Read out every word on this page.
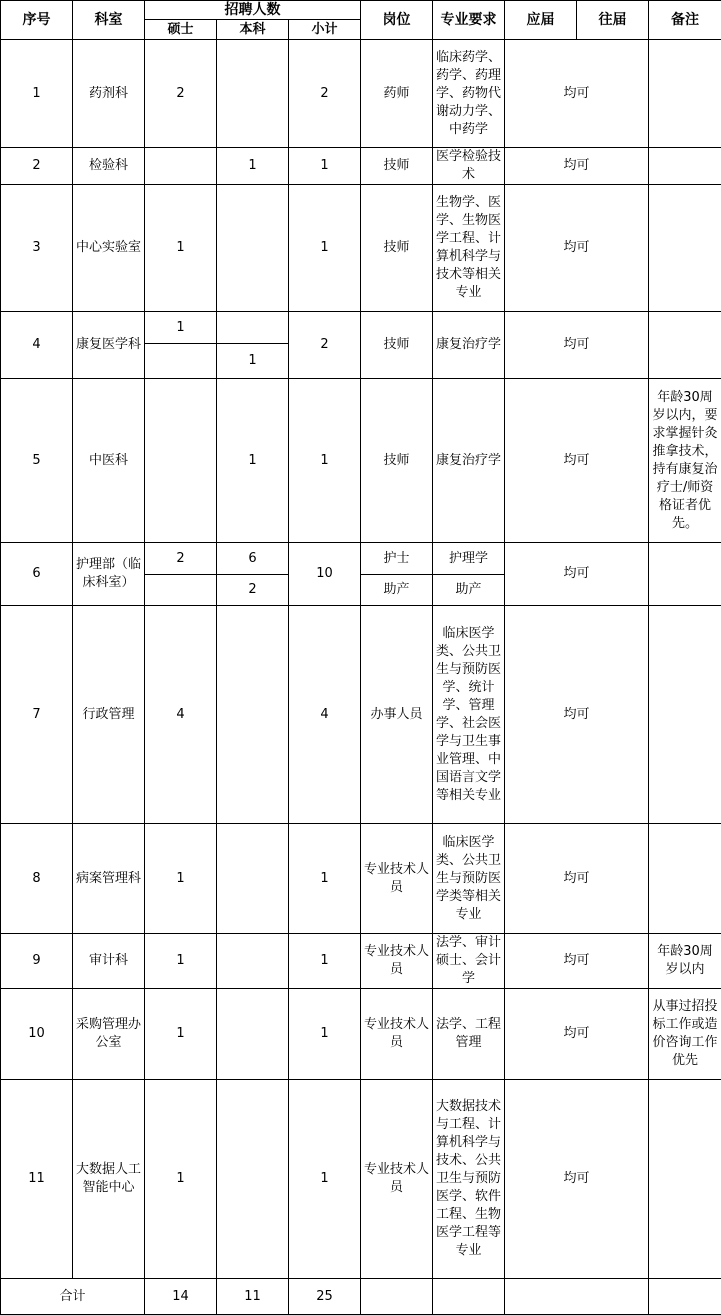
序号	科室	招聘人数			岗位	专业要求	应届	往届	备注
		硕士	本科	小计					
1	药剂科	2		2	药师	临床药学、药学、药理学、药物代谢动力学、中药学	均可		
2	检验科		1	1	技师	医学检验技术	均可		
3	中心实验室	1		1	技师	生物学、医学、生物医学工程、计算机科学与技术等相关专业	均可		
4	康复医学科	1		2	技师	康复治疗学	均可		
			1						
5	中医科		1	1	技师	康复治疗学	均可		年龄30周岁以内，要求掌握针灸推拿技术，持有康复治疗士/师资格证者优先。
6	护理部（临床科室）	2	6	10	护士	护理学	均可		
			2		助产	助产			
7	行政管理	4		4	办事人员	临床医学类、公共卫生与预防医学、统计学、管理学、社会医学与卫生事业管理、中国语言文学等相关专业	均可		
8	病案管理科	1		1	专业技术人员	临床医学类、公共卫生与预防医学类等相关专业	均可		
9	审计科	1		1	专业技术人员	法学、审计硕士、会计学	均可		年龄30周岁以内
10	采购管理办公室	1		1	专业技术人员	法学、工程管理	均可		从事过招投标工作或造价咨询工作优先
11	大数据人工智能中心	1		1	专业技术人员	大数据技术与工程、计算机科学与技术、公共卫生与预防医学、软件工程、生物医学工程等专业	均可		
合计		14	11	25					
